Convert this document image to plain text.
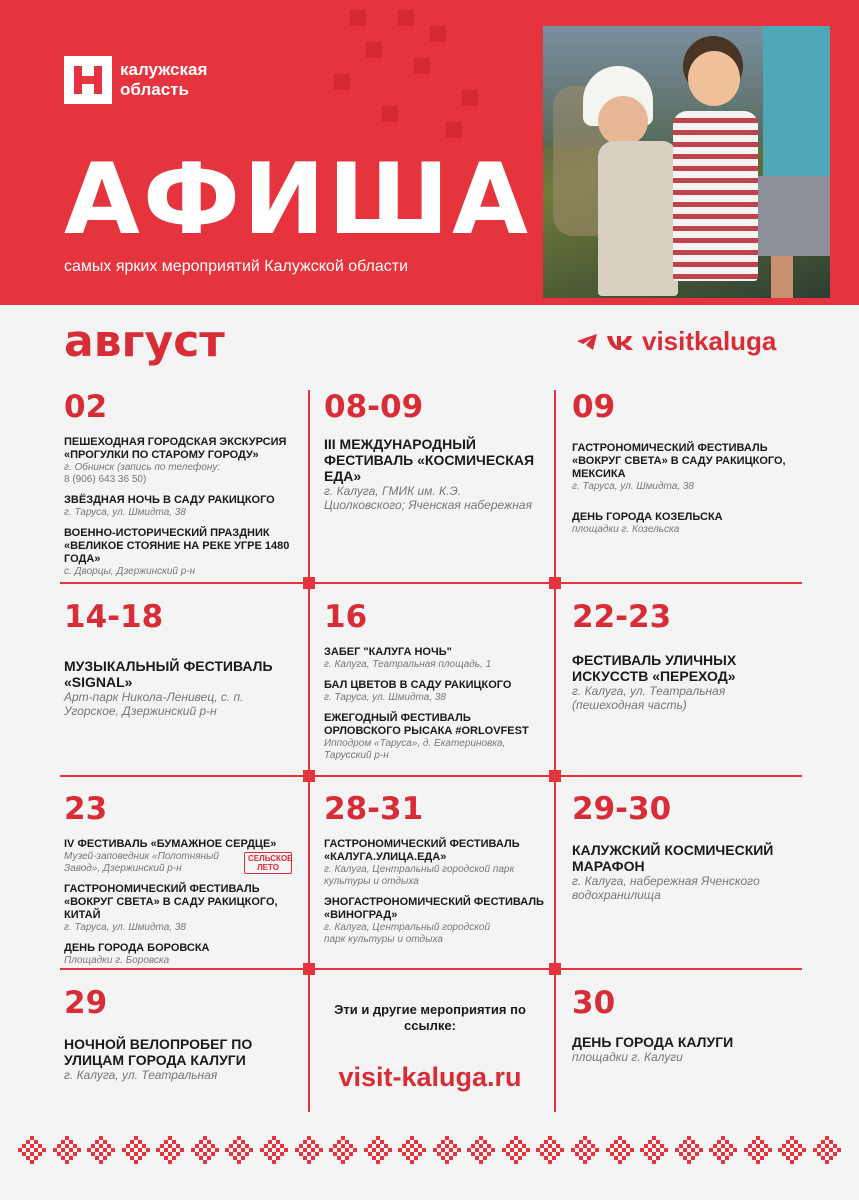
калужская
область
АФИША
самых ярких мероприятий Калужской области
август	visitkaluga
02
ПЕШЕХОДНАЯ ГОРОДСКАЯ ЭКСКУРСИЯ «ПРОГУЛКИ ПО СТАРОМУ ГОРОДУ»
г. Обнинск (запись по телефону:
8 (906) 643 36 50)
ЗВЁЗДНАЯ НОЧЬ В САДУ РАКИЦКОГО
г. Таруса, ул. Шмидта, 38
ВОЕННО-ИСТОРИЧЕСКИЙ ПРАЗДНИК «ВЕЛИКОЕ СТОЯНИЕ НА РЕКЕ УГРЕ 1480 ГОДА»
с. Дворцы, Дзержинский р-н
08-09
III МЕЖДУНАРОДНЫЙ ФЕСТИВАЛЬ «КОСМИЧЕСКАЯ ЕДА»
г. Калуга, ГМИК им. К.Э. Циолковского; Яченская набережная
09
ГАСТРОНОМИЧЕСКИЙ ФЕСТИВАЛЬ «ВОКРУГ СВЕТА» В САДУ РАКИЦКОГО, МЕКСИКА
г. Таруса, ул. Шмидта, 38
ДЕНЬ ГОРОДА КОЗЕЛЬСКА
площадки г. Козельска
14-18
МУЗЫКАЛЬНЫЙ ФЕСТИВАЛЬ «SIGNAL»
Арт-парк Никола-Ленивец, с. п. Угорское, Дзержинский р-н
16
ЗАБЕГ "КАЛУГА НОЧЬ"
г. Калуга, Театральная площадь, 1
БАЛ ЦВЕТОВ В САДУ РАКИЦКОГО
г. Таруса, ул. Шмидта, 38
ЕЖЕГОДНЫЙ ФЕСТИВАЛЬ ОРЛОВСКОГО РЫСАКА #ORLOVFEST
Ипподром «Таруса», д. Екатериновка, Тарусский р-н
22-23
ФЕСТИВАЛЬ УЛИЧНЫХ ИСКУССТВ «ПЕРЕХОД»
г. Калуга, ул. Театральная (пешеходная часть)
23
СЕЛЬСКОЕ ЛЕТО
IV ФЕСТИВАЛЬ «БУМАЖНОЕ СЕРДЦЕ»
Музей-заповедник «Полотняный Завод», Дзержинский р-н
ГАСТРОНОМИЧЕСКИЙ ФЕСТИВАЛЬ «ВОКРУГ СВЕТА» В САДУ РАКИЦКОГО, КИТАЙ
г. Таруса, ул. Шмидта, 38
ДЕНЬ ГОРОДА БОРОВСКА
Площадки г. Боровска
28-31
ГАСТРОНОМИЧЕСКИЙ ФЕСТИВАЛЬ «КАЛУГА.УЛИЦА.ЕДА»
г. Калуга, Центральный городской парк культуры и отдыха
ЭНОГАСТРОНОМИЧЕСКИЙ ФЕСТИВАЛЬ «ВИНОГРАД»
г. Калуга, Центральный городской парк культуры и отдыха
29-30
КАЛУЖСКИЙ КОСМИЧЕСКИЙ МАРАФОН
г. Калуга, набережная Яченского водохранилища
29
НОЧНОЙ ВЕЛОПРОБЕГ ПО УЛИЦАМ ГОРОДА КАЛУГИ
г. Калуга, ул. Театральная
Эти и другие мероприятия по ссылке:
visit-kaluga.ru
30
ДЕНЬ ГОРОДА КАЛУГИ
площадки г. Калуги
